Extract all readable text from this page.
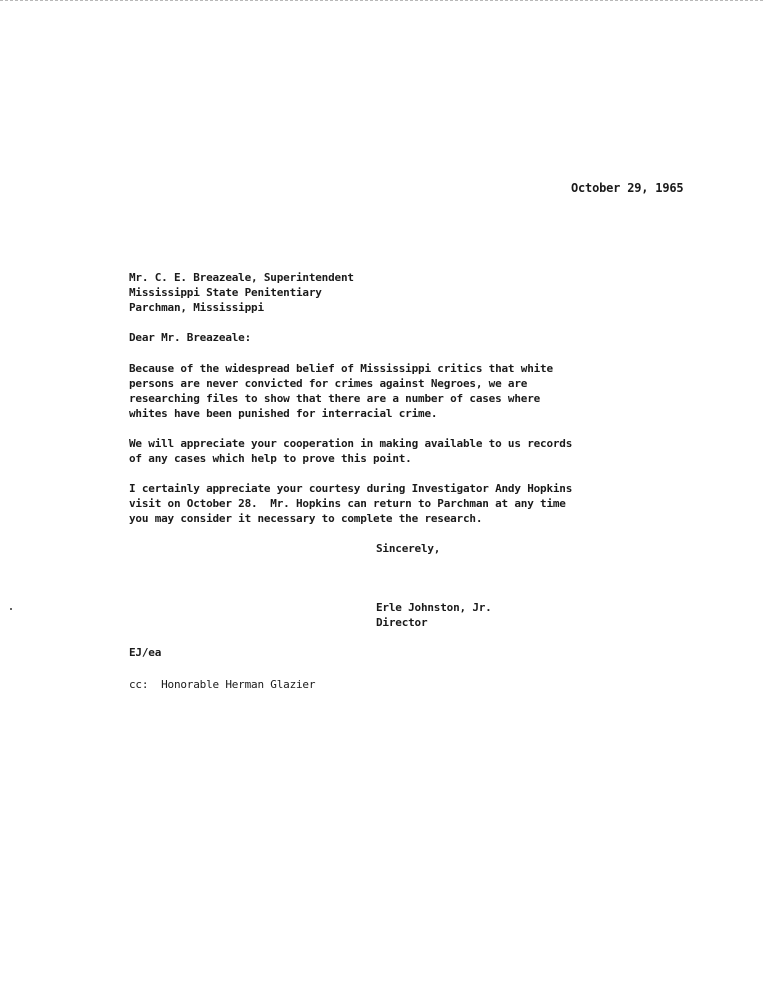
October 29, 1965
Mr. C. E. Breazeale, Superintendent
Mississippi State Penitentiary
Parchman, Mississippi
Dear Mr. Breazeale:
Because of the widespread belief of Mississippi critics that white
persons are never convicted for crimes against Negroes, we are
researching files to show that there are a number of cases where
whites have been punished for interracial crime.
We will appreciate your cooperation in making available to us records
of any cases which help to prove this point.
I certainly appreciate your courtesy during Investigator Andy Hopkins
visit on October 28.  Mr. Hopkins can return to Parchman at any time
you may consider it necessary to complete the research.
Sincerely,
Erle Johnston, Jr.
Director
EJ/ea
cc:  Honorable Herman Glazier
